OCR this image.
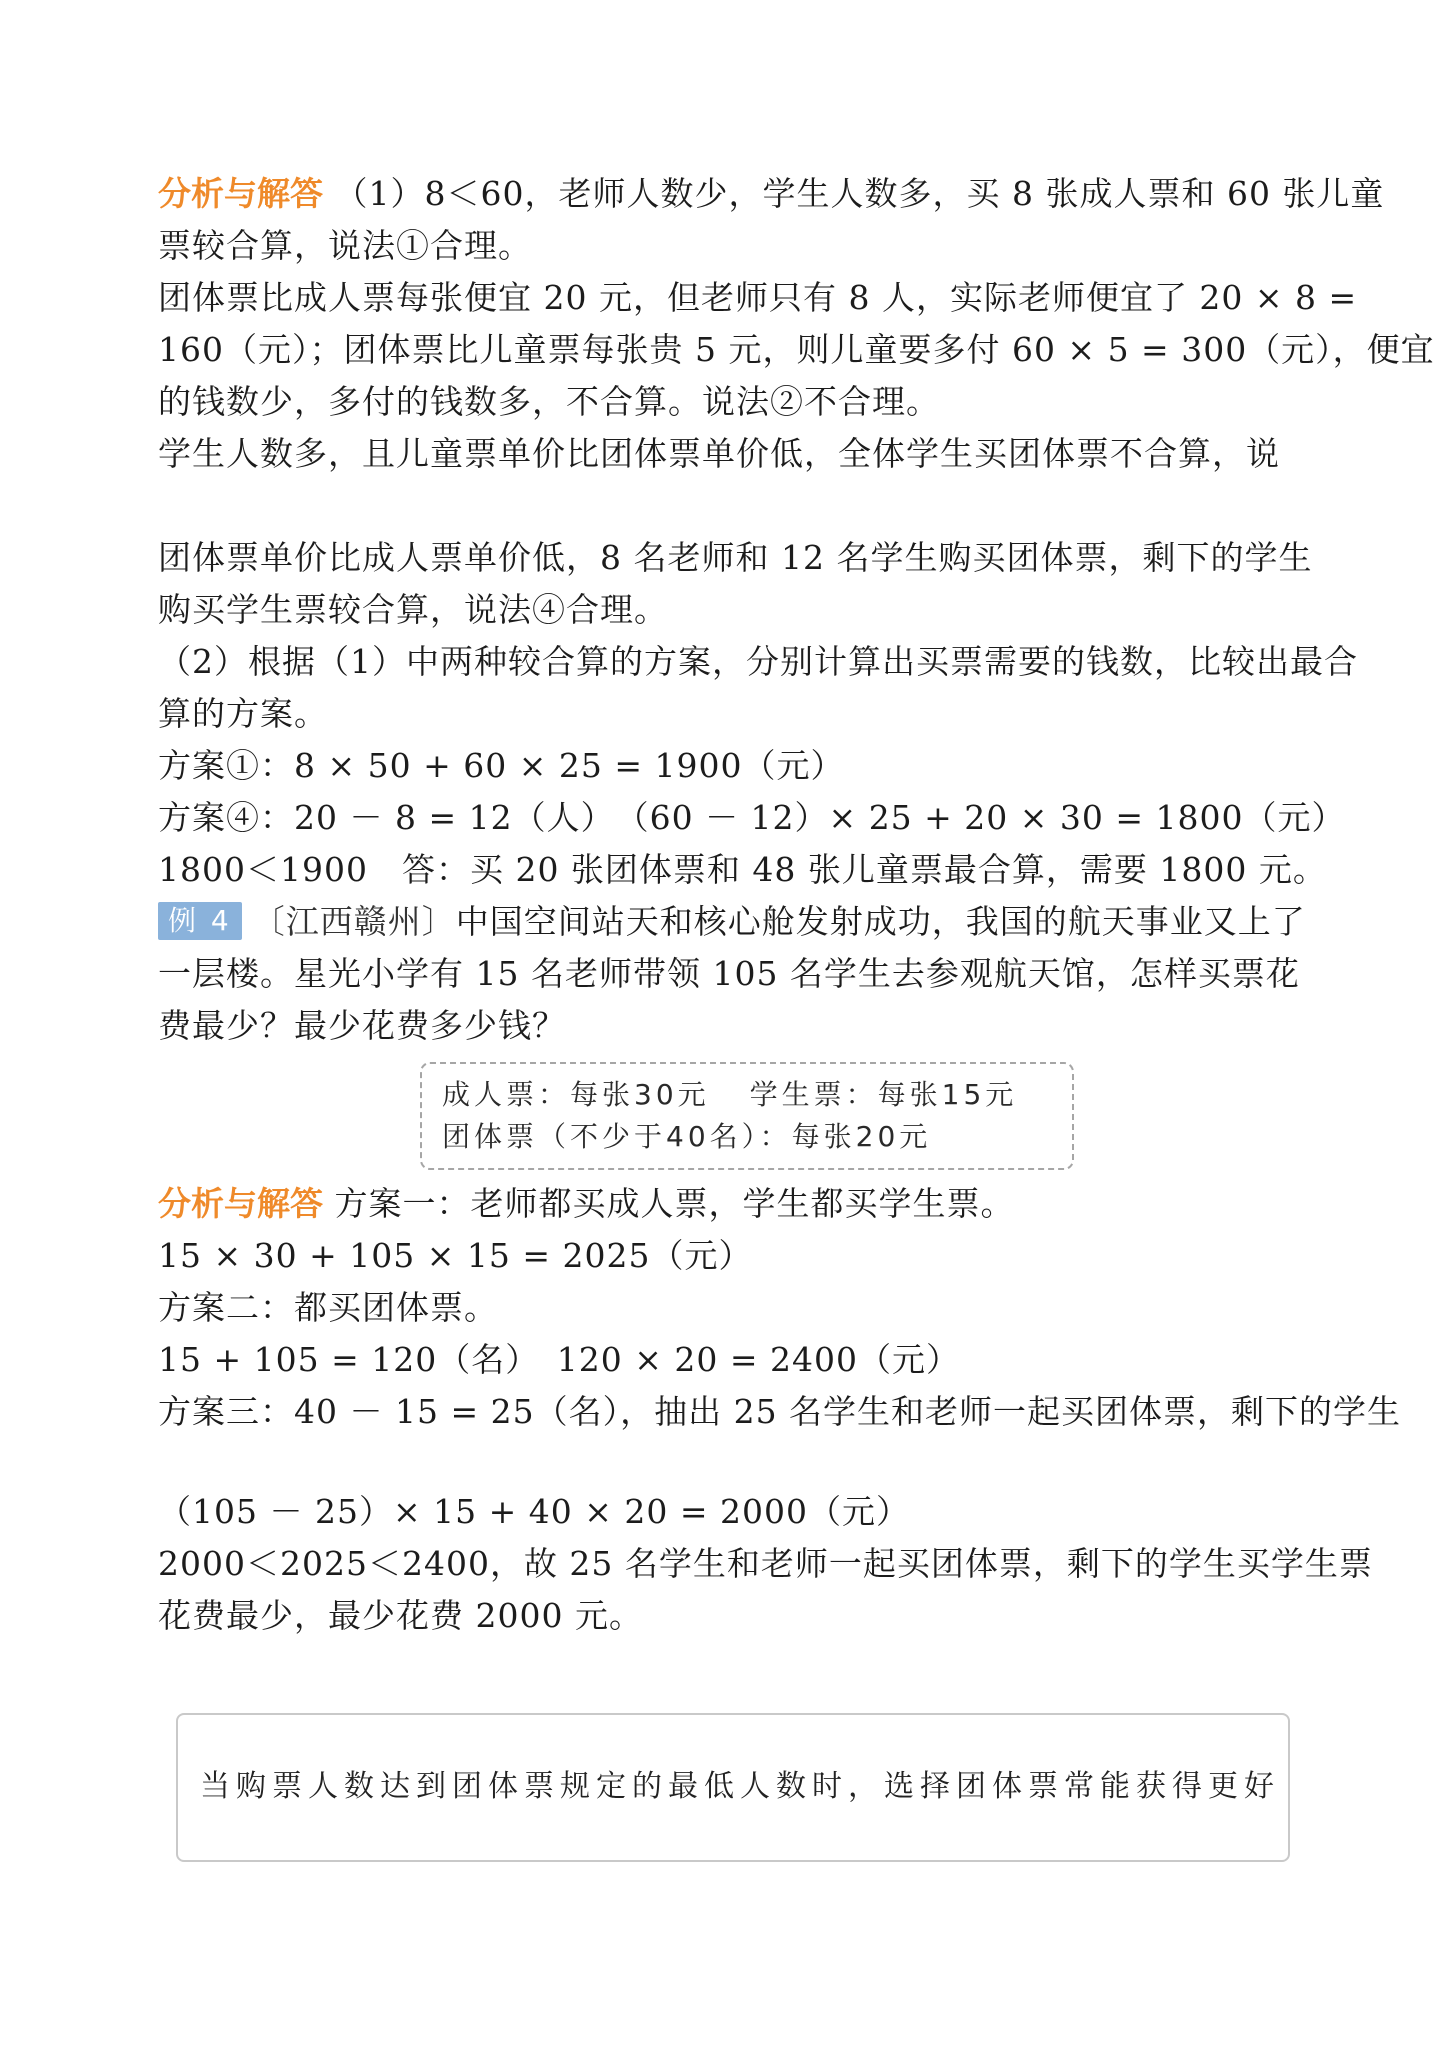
分析与解答 （1）8＜60，老师人数少，学生人数多，买 8 张成人票和 60 张儿童
票较合算，说法①合理。
团体票比成人票每张便宜 20 元，但老师只有 8 人，实际老师便宜了 20 × 8 =
160（元）；团体票比儿童票每张贵 5 元，则儿童要多付 60 × 5 = 300（元），便宜
的钱数少，多付的钱数多，不合算。说法②不合理。
学生人数多，且儿童票单价比团体票单价低，全体学生买团体票不合算，说
团体票单价比成人票单价低，8 名老师和 12 名学生购买团体票，剩下的学生
购买学生票较合算，说法④合理。
（2）根据（1）中两种较合算的方案，分别计算出买票需要的钱数，比较出最合
算的方案。
方案①：8 × 50 + 60 × 25 = 1900（元）
方案④：20 － 8 = 12（人）　（60 － 12）× 25 + 20 × 30 = 1800（元）
1800＜1900　答：买 20 张团体票和 48 张儿童票最合算，需要 1800 元。
例 4 〔江西赣州〕中国空间站天和核心舱发射成功，我国的航天事业又上了
一层楼。星光小学有 15 名老师带领 105 名学生去参观航天馆，怎样买票花
费最少？最少花费多少钱？
成人票：每张30元 学生票：每张15元
团体票（不少于40名）：每张20元
分析与解答 方案一：老师都买成人票，学生都买学生票。
15 × 30 + 105 × 15 = 2025（元）
方案二：都买团体票。
15 + 105 = 120（名）　120 × 20 = 2400（元）
方案三：40 － 15 = 25（名），抽出 25 名学生和老师一起买团体票，剩下的学生
（105 － 25）× 15 + 40 × 20 = 2000（元）
2000＜2025＜2400，故 25 名学生和老师一起买团体票，剩下的学生买学生票
花费最少，最少花费 2000 元。
当购票人数达到团体票规定的最低人数时，选择团体票常能获得更好
